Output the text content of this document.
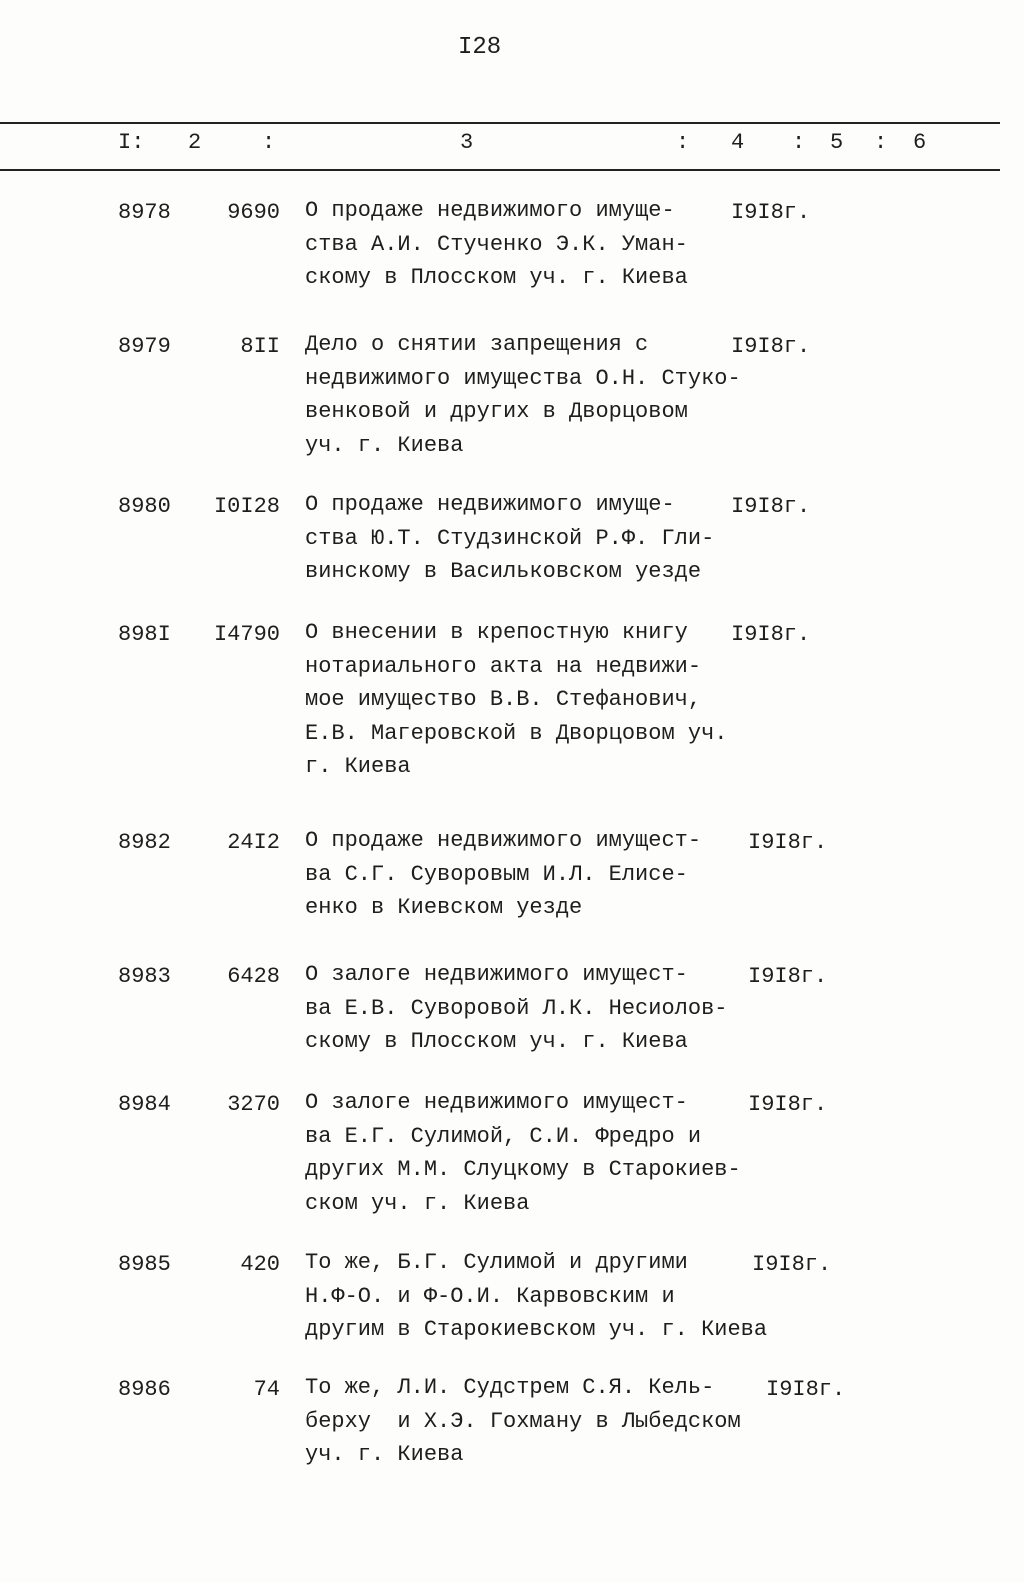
I28
I: 2	:	3	: 4 : 5 : 6
8978	9690 О продаже недвижимого имуще-
ства А.И. Стученко Э.К. Уман-
скому в Плосском уч. г. Киева
I9I8г.
8979	8II Дело о снятии запрещения с
недвижимого имущества О.Н. Стуко-
венковой и других в Дворцовом
уч. г. Киева
I9I8г.
8980 I0I28 О продаже недвижимого имуще-
ства Ю.Т. Студзинской Р.Ф. Гли-
винскому в Васильковском уезде
I9I8г.
898I I4790 О внесении в крепостную книгу
нотариального акта на недвижи-
мое имущество В.В. Стефанович,
Е.В. Магеровской в Дворцовом уч.
г. Киева
I9I8г.
8982	24I2 О продаже недвижимого имущест-
ва С.Г. Суворовым И.Л. Елисе-
енко в Киевском уезде
I9I8г.
8983	6428 О залоге недвижимого имущест-
ва Е.В. Суворовой Л.К. Несиолов-
скому в Плосском уч. г. Киева
I9I8г.
8984	3270 О залоге недвижимого имущест-
ва Е.Г. Сулимой, С.И. Фредро и
других М.М. Слуцкому в Старокиев-
ском уч. г. Киева
I9I8г.
8985	420 То же, Б.Г. Сулимой и другими
Н.Ф-О. и Ф-О.И. Карвовским и
другим в Старокиевском уч. г. Киева
I9I8г.
8986	74 То же, Л.И. Судстрем С.Я. Кель-
берху  и Х.Э. Гохману в Лыбедском
уч. г. Киева
I9I8г.
